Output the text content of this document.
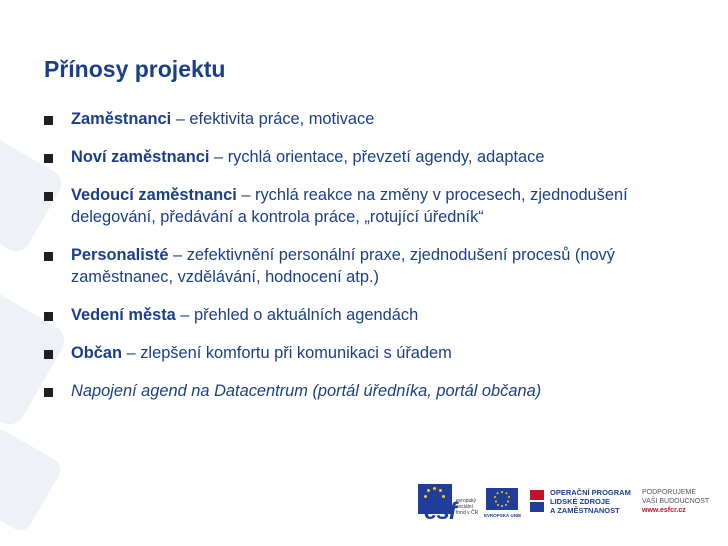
Přínosy projektu
Zaměstnanci – efektivita práce, motivace
Noví zaměstnanci – rychlá orientace, převzetí agendy, adaptace
Vedoucí zaměstnanci – rychlá reakce na změny v procesech, zjednodušení delegování, předávání a kontrola práce, „rotující úředník“
Personalisté – zefektivnění personální praxe, zjednodušení procesů (nový zaměstnanec, vzdělávání, hodnocení atp.)
Vedení města – přehled o aktuálních agendách
Občan – zlepšení komfortu při komunikaci s úřadem
Napojení agend na Datacentrum (portál úředníka, portál občana)
esf evropský sociální fond v ČR	EVROPSKÁ UNIE
OPERAČNÍ PROGRAM
LIDSKÉ ZDROJE
A ZAMĚSTNANOST
PODPORUJEME
VAŠI BUDOUCNOST
www.esfcr.cz
